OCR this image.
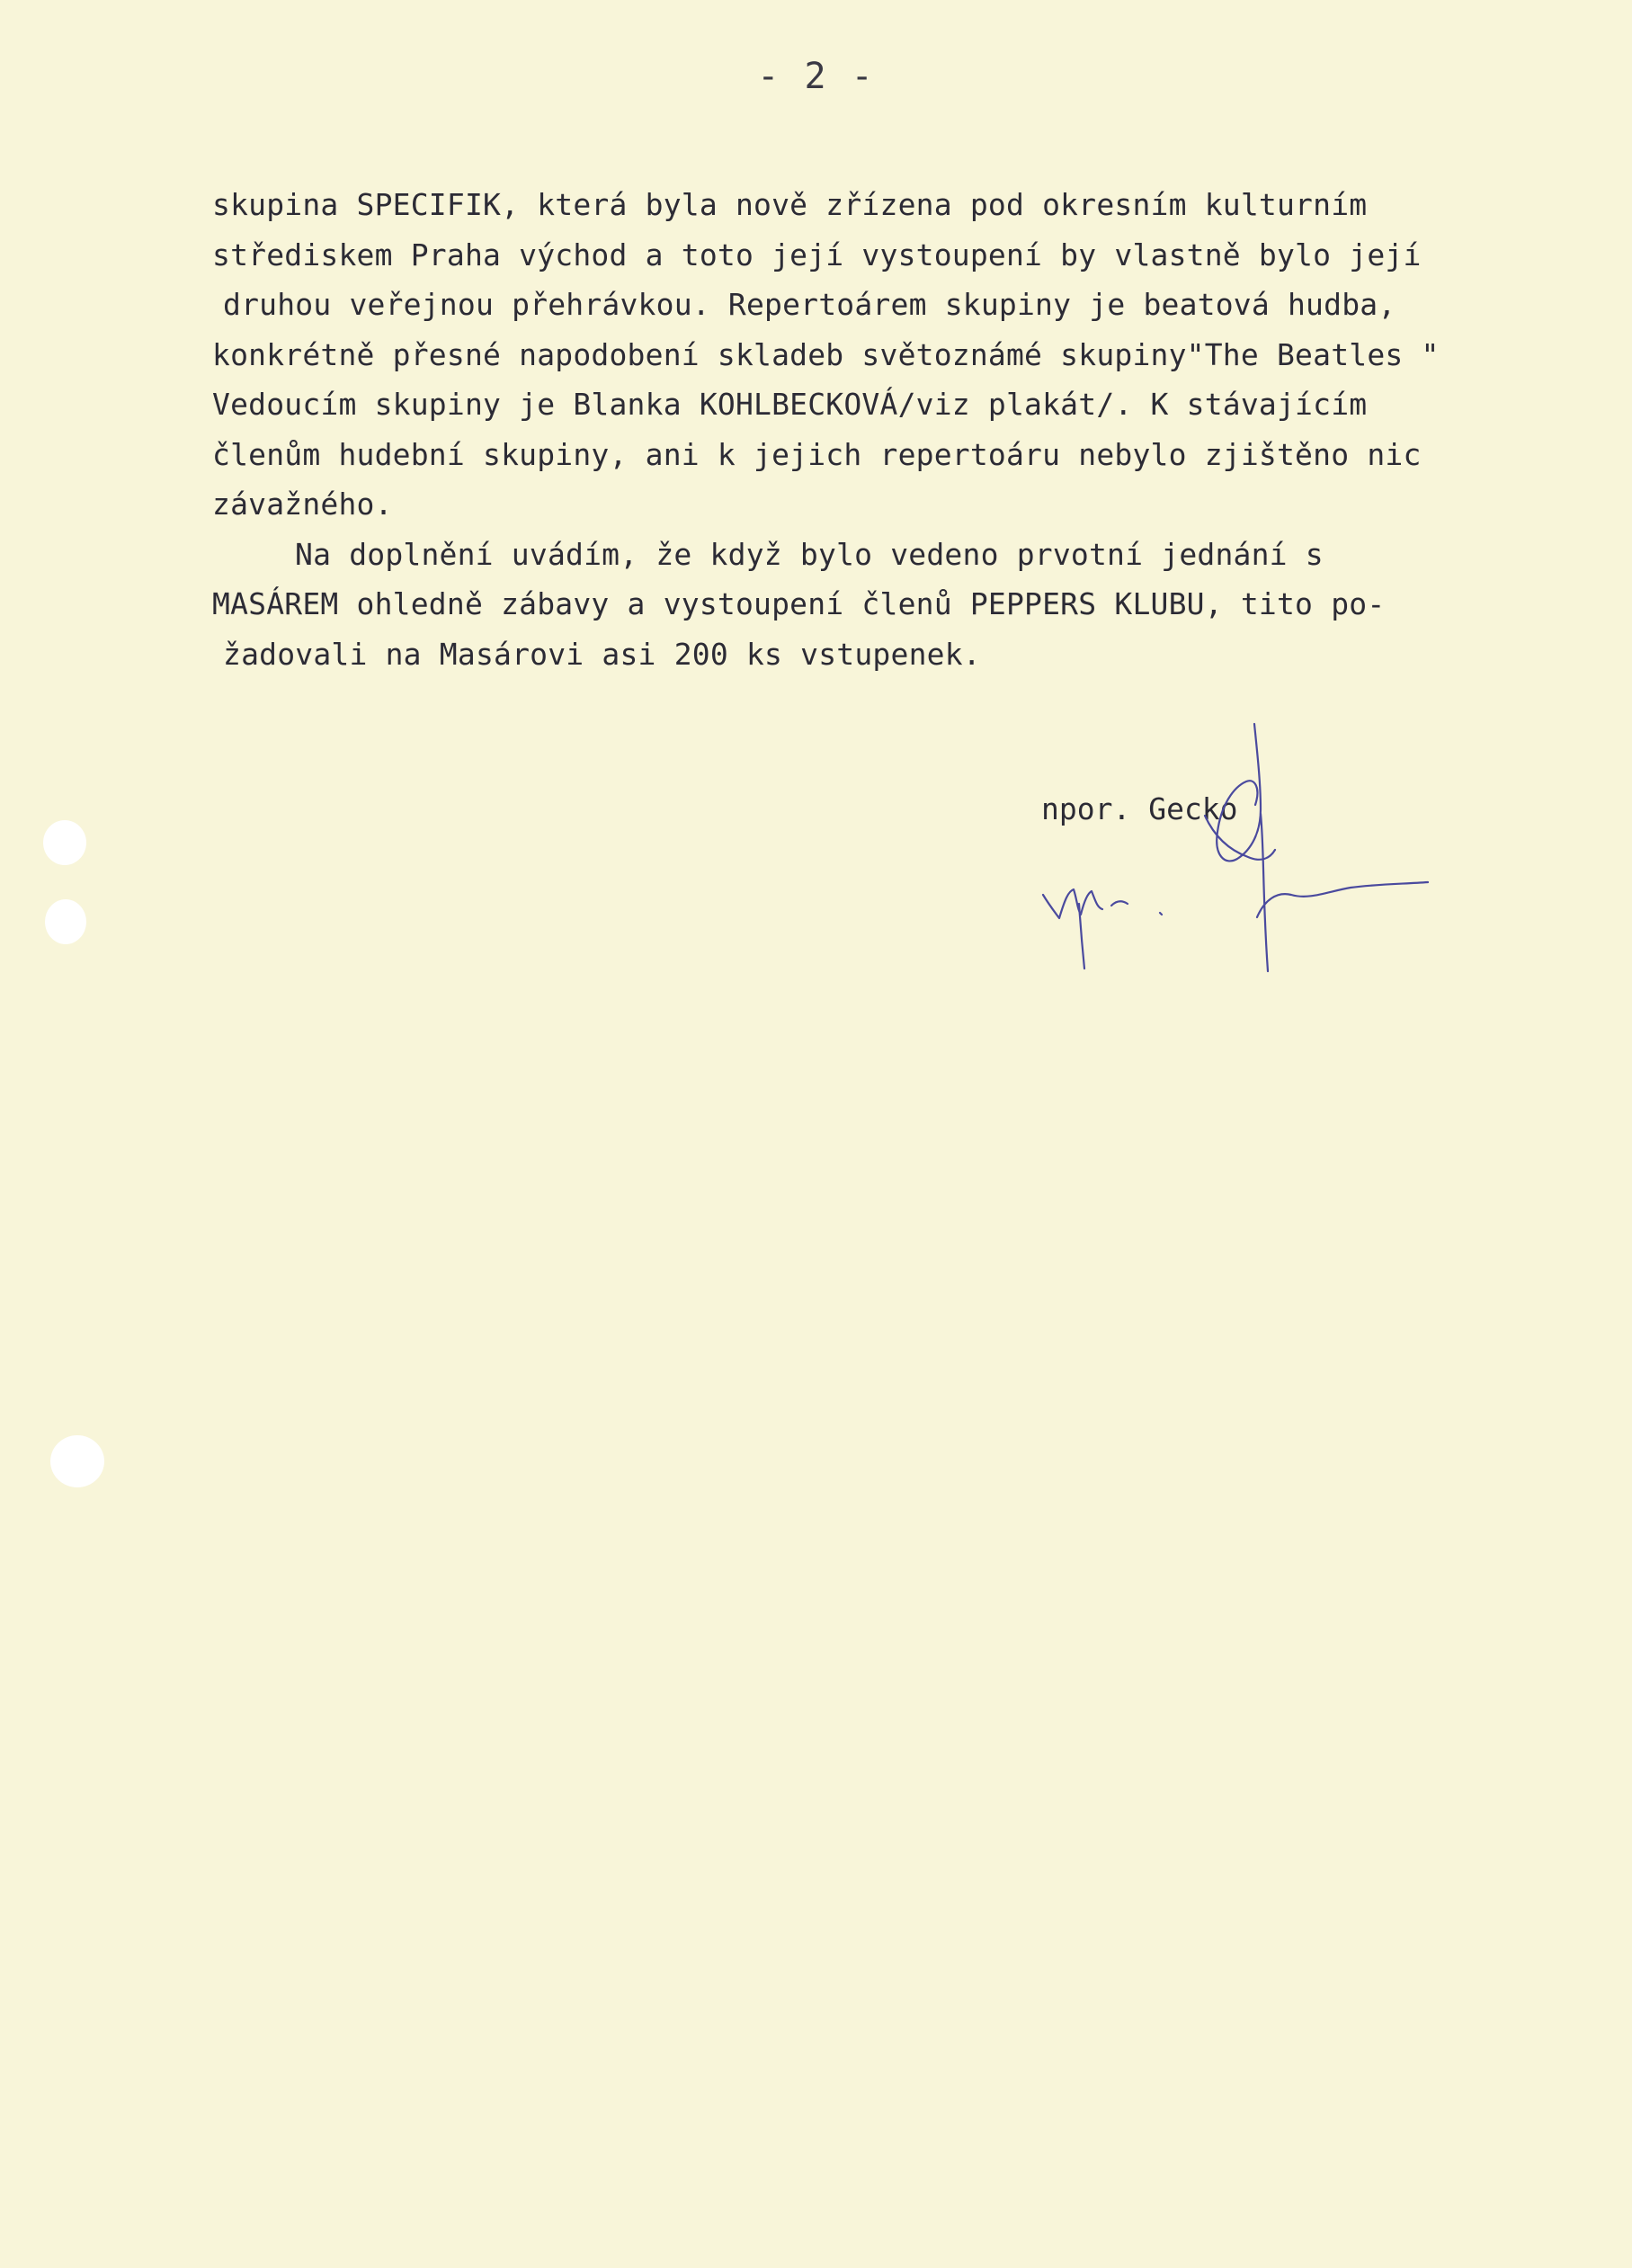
- 2 -
skupina SPECIFIK, která byla nově zřízena pod okresním kulturním
střediskem Praha východ a toto její vystoupení by vlastně bylo její
druhou veřejnou přehrávkou. Repertoárem skupiny je beatová hudba,
konkrétně přesné napodobení skladeb světoznámé skupiny"The Beatles "
Vedoucím skupiny je Blanka KOHLBECKOVÁ/viz plakát/. K stávajícím
členům hudební skupiny, ani k jejich repertoáru nebylo zjištěno nic
závažného.
Na doplnění uvádím, že když bylo vedeno prvotní jednání s
MASÁREM ohledně zábavy a vystoupení členů PEPPERS KLUBU, tito po-
žadovali na Masárovi asi 200 ks vstupenek.
npor. Gecko
